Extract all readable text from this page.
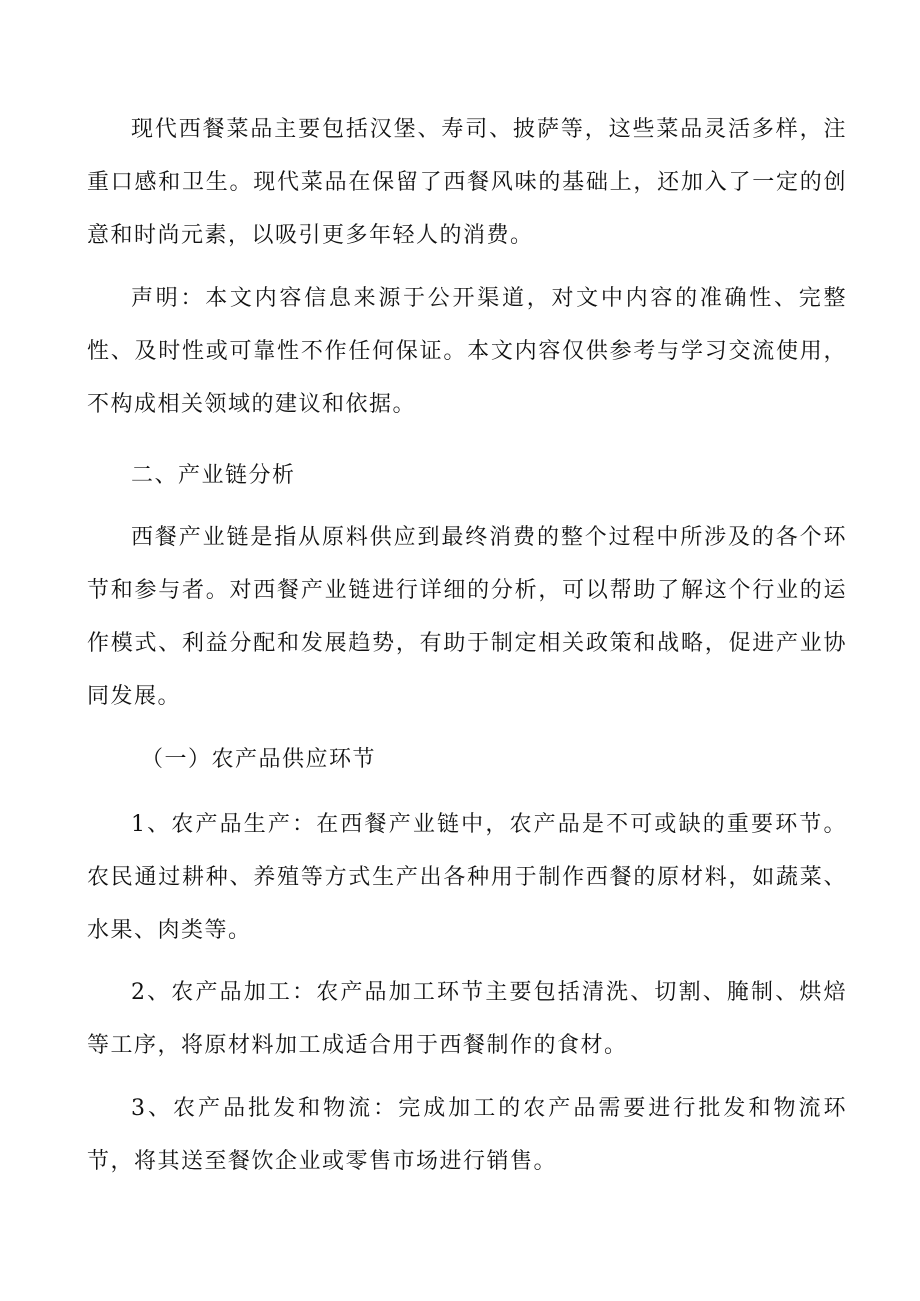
现代西餐菜品主要包括汉堡、寿司、披萨等，这些菜品灵活多样，注重口感和卫生。现代菜品在保留了西餐风味的基础上，还加入了一定的创意和时尚元素，以吸引更多年轻人的消费。

声明：本文内容信息来源于公开渠道，对文中内容的准确性、完整性、及时性或可靠性不作任何保证。本文内容仅供参考与学习交流使用，不构成相关领域的建议和依据。

二、产业链分析

西餐产业链是指从原料供应到最终消费的整个过程中所涉及的各个环节和参与者。对西餐产业链进行详细的分析，可以帮助了解这个行业的运作模式、利益分配和发展趋势，有助于制定相关政策和战略，促进产业协同发展。

（一）农产品供应环节

1、农产品生产：在西餐产业链中，农产品是不可或缺的重要环节。农民通过耕种、养殖等方式生产出各种用于制作西餐的原材料，如蔬菜、水果、肉类等。

2、农产品加工：农产品加工环节主要包括清洗、切割、腌制、烘焙等工序，将原材料加工成适合用于西餐制作的食材。

3、农产品批发和物流：完成加工的农产品需要进行批发和物流环节，将其送至餐饮企业或零售市场进行销售。
